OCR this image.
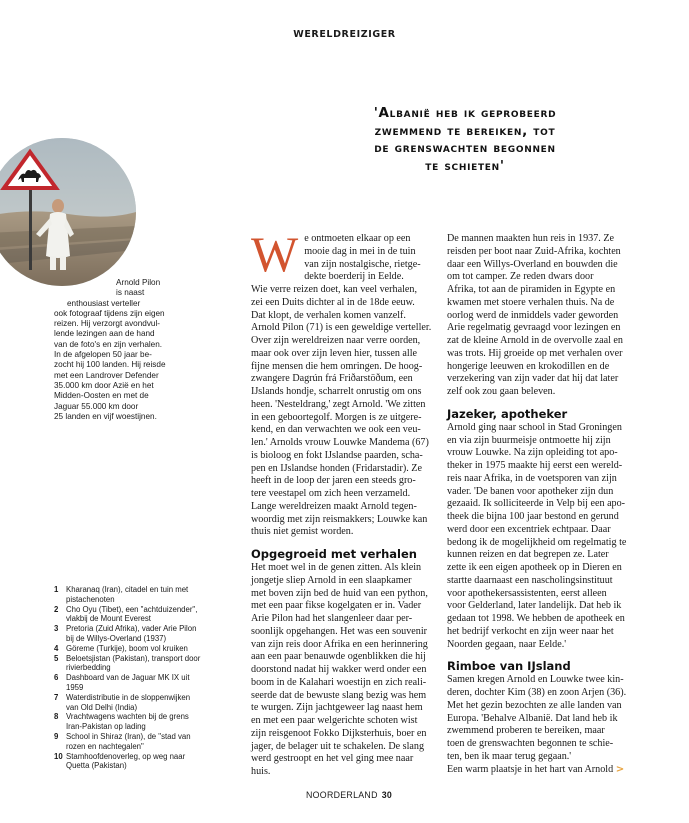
WERELDREIZIGER
'Albanië heb ik geprobeerd
zwemmend te bereiken, tot
de grenswachten begonnen
te schieten'

Arnold Pilon

is naast

enthousiast verteller

ook fotograaf tijdens zijn eigen

reizen. Hij verzorgt avondvul-

lende lezingen aan de hand

van de foto's en zijn verhalen.

In de afgelopen 50 jaar be-

zocht hij 100 landen. Hij reisde

met een Landrover Defender

35.000 km door Azië en het

Midden-Oosten en met de

Jaguar 55.000 km door

25 landen en vijf woestijnen.

1 Kharanaq (Iran), citadel en tuin met pistachenoten
2 Cho Oyu (Tibet), een "achtduizender", vlakbij de Mount Everest
3 Pretoria (Zuid Afrika), vader Arie Pilon bij de Willys-Overland (1937)
4 Göreme (Turkije), boom vol kruiken
5 Beloetsjistan (Pakistan), transport door rivierbedding
6 Dashboard van de Jaguar MK IX uit 1959
7 Waterdistributie in de sloppenwijken van Old Delhi (India)
8 Vrachtwagens wachten bij de grens Iran-Pakistan op lading
9 School in Shiraz (Iran), de "stad van rozen en nachtegalen"
10 Stamhoofdenoverleg, op weg naar Quetta (Pakistan)
W e ontmoeten elkaar op een

mooie dag in mei in de tuin

van zijn nostalgische, rietge-

dekte boerderij in Eelde.

Wie verre reizen doet, kan veel verhalen,

zei een Duits dichter al in de 18de eeuw.

Dat klopt, de verhalen komen vanzelf.

Arnold Pilon (71) is een geweldige verteller.

Over zijn wereldreizen naar verre oorden,

maar ook over zijn leven hier, tussen alle

fijne mensen die hem omringen. De hoog-

zwangere Dagrún frá Friðarstöðum, een

IJslands hondje, scharrelt onrustig om ons

heen. 'Nesteldrang,' zegt Arnold. 'We zitten

in een geboortegolf. Morgen is ze uitgere-

kend, en dan verwachten we ook een veu-

len.' Arnolds vrouw Louwke Mandema (67)

is bioloog en fokt IJslandse paarden, scha-

pen en IJslandse honden (Fridarstadir). Ze

heeft in de loop der jaren een steeds gro-

tere veestapel om zich heen verzameld.

Lange wereldreizen maakt Arnold tegen-

woordig met zijn reismakkers; Louwke kan

thuis niet gemist worden.

Opgegroeid met verhalen

Het moet wel in de genen zitten. Als klein

jongetje sliep Arnold in een slaapkamer

met boven zijn bed de huid van een python,

met een paar fikse kogelgaten er in. Vader

Arie Pilon had het slangenleer daar per-

soonlijk opgehangen. Het was een souvenir

van zijn reis door Afrika en een herinnering

aan een paar benauwde ogenblikken die hij

doorstond nadat hij wakker werd onder een

boom in de Kalahari woestijn en zich reali-

seerde dat de bewuste slang bezig was hem

te wurgen. Zijn jachtgeweer lag naast hem

en met een paar welgerichte schoten wist

zijn reisgenoot Fokko Dijksterhuis, boer en

jager, de belager uit te schakelen. De slang

werd gestroopt en het vel ging mee naar

huis.

De mannen maakten hun reis in 1937. Ze

reisden per boot naar Zuid-Afrika, kochten

daar een Willys-Overland en bouwden die

om tot camper. Ze reden dwars door

Afrika, tot aan de piramiden in Egypte en

kwamen met stoere verhalen thuis. Na de

oorlog werd de inmiddels vader geworden

Arie regelmatig gevraagd voor lezingen en

zat de kleine Arnold in de overvolle zaal en

was trots. Hij groeide op met verhalen over

hongerige leeuwen en krokodillen en de

verzekering van zijn vader dat hij dat later

zelf ook zou gaan beleven.

Jazeker, apotheker

Arnold ging naar school in Stad Groningen

en via zijn buurmeisje ontmoette hij zijn

vrouw Louwke. Na zijn opleiding tot apo-

theker in 1975 maakte hij eerst een wereld-

reis naar Afrika, in de voetsporen van zijn

vader. 'De banen voor apotheker zijn dun

gezaaid. Ik solliciteerde in Velp bij een apo-

theek die bijna 100 jaar bestond en gerund

werd door een excentriek echtpaar. Daar

bedong ik de mogelijkheid om regelmatig te

kunnen reizen en dat begrepen ze. Later

zette ik een eigen apotheek op in Dieren en

startte daarnaast een nascholingsinstituut

voor apothekersassistenten, eerst alleen

voor Gelderland, later landelijk. Dat heb ik

gedaan tot 1998. We hebben de apotheek en

het bedrijf verkocht en zijn weer naar het

Noorden gegaan, naar Eelde.'

Rimboe van IJsland

Samen kregen Arnold en Louwke twee kin-

deren, dochter Kim (38) en zoon Arjen (36).

Met het gezin bezochten ze alle landen van

Europa. 'Behalve Albanië. Dat land heb ik

zwemmend proberen te bereiken, maar

toen de grenswachten begonnen te schie-

ten, ben ik maar terug gegaan.'

Een warm plaatsje in het hart van Arnold >

NOORDERLAND 30
